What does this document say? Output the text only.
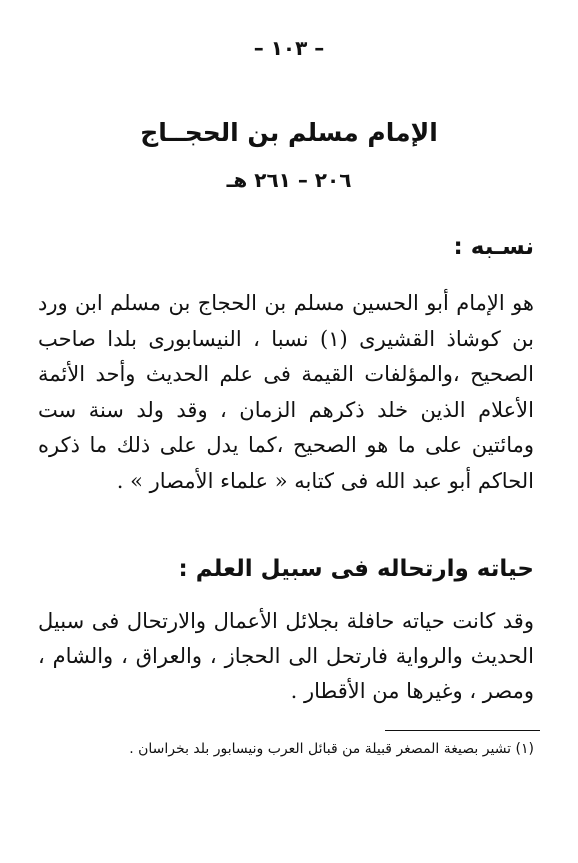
– ١٠٣ –
الإمام مسلم بن الحجــاج
٢٠٦ – ٢٦١ هـ
نسـبه :
هو الإمام أبو الحسين مسلم بن الحجاج بن مسلم ابن ورد بن كوشاذ القشيرى (١) نسبا ، النيسابورى بلدا صاحب الصحيح ،والمؤلفات القيمة فى علم الحديث وأحد الأئمة الأعلام الذين خلد ذكرهم الزمان ، وقد ولد سنة ست ومائتين على ما هو الصحيح ،كما يدل على ذلك ما ذكره الحاكم أبو عبد الله فى كتابه « علماء الأمصار » .
حياته وارتحاله فى سبيل العلم :
وقد كانت حياته حافلة بجلائل الأعمال والارتحال فى سبيل الحديث والرواية فارتحل الى الحجاز ، والعراق ، والشام ، ومصر ، وغيرها من الأقطار .
(١) تشير بصيغة المصغر قبيلة من قبائل العرب ونيسابور بلد بخراسان .
